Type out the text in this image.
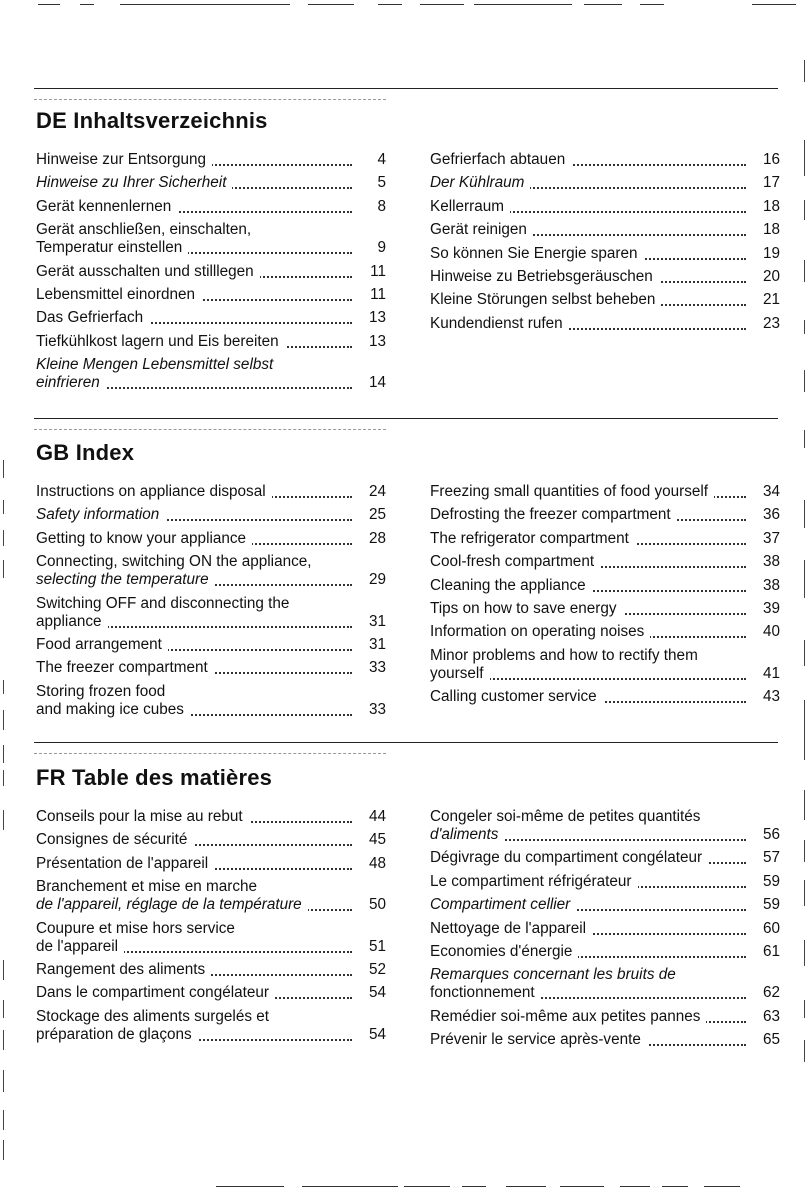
DE Inhaltsverzeichnis
Hinweise zur Entsorgung	4
Hinweise zu Ihrer Sicherheit	5
Gerät kennenlernen	8
Gerät anschließen, einschalten,
Temperatur einstellen	9
Gerät ausschalten und stilllegen	11
Lebensmittel einordnen	11
Das Gefrierfach	13
Tiefkühlkost lagern und Eis bereiten	13
Kleine Mengen Lebensmittel selbst
einfrieren	14
Gefrierfach abtauen	16
Der Kühlraum	17
Kellerraum	18
Gerät reinigen	18
So können Sie Energie sparen	19
Hinweise zu Betriebsgeräuschen	20
Kleine Störungen selbst beheben	21
Kundendienst rufen	23
GB Index
Instructions on appliance disposal	24
Safety information	25
Getting to know your appliance	28
Connecting, switching ON the appliance,
selecting the temperature	29
Switching OFF and disconnecting the
appliance	31
Food arrangement	31
The freezer compartment	33
Storing frozen food
and making ice cubes	33
Freezing small quantities of food yourself	34
Defrosting the freezer compartment	36
The refrigerator compartment	37
Cool-fresh compartment	38
Cleaning the appliance	38
Tips on how to save energy	39
Information on operating noises	40
Minor problems and how to rectify them
yourself	41
Calling customer service	43
FR Table des matières
Conseils pour la mise au rebut	44
Consignes de sécurité	45
Présentation de l'appareil	48
Branchement et mise en marche
de l'appareil, réglage de la température	50
Coupure et mise hors service
de l'appareil	51
Rangement des aliments	52
Dans le compartiment congélateur	54
Stockage des aliments surgelés et
préparation de glaçons	54
Congeler soi-même de petites quantités
d'aliments	56
Dégivrage du compartiment congélateur	57
Le compartiment réfrigérateur	59
Compartiment cellier	59
Nettoyage de l'appareil	60
Economies d'énergie	61
Remarques concernant les bruits de
fonctionnement	62
Remédier soi-même aux petites pannes	63
Prévenir le service après-vente	65
